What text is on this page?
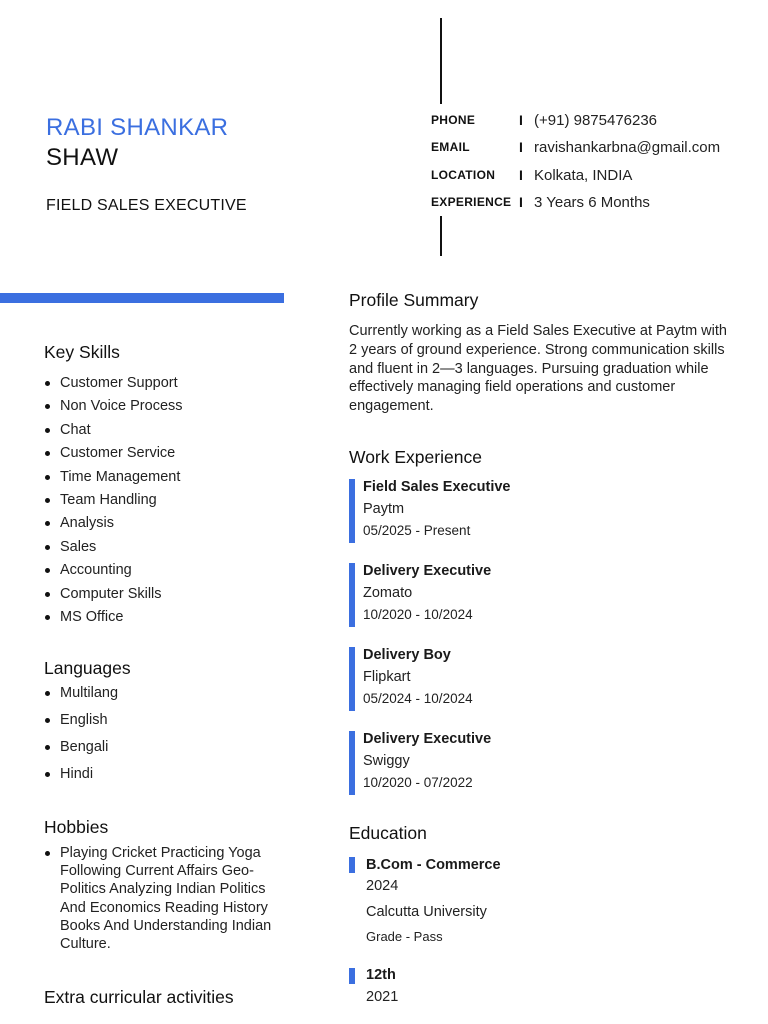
RABI SHANKAR
SHAW
FIELD SALES EXECUTIVE
PHONE	I (+91) 9875476236
EMAIL	I ravishankarbna@gmail.com
LOCATION	I Kolkata, INDIA
EXPERIENCE I 3 Years 6 Months
Key Skills
Customer Support
Non Voice Process
Chat
Customer Service
Time Management
Team Handling
Analysis
Sales
Accounting
Computer Skills
MS Office
Languages
Multilang
English
Bengali
Hindi
Hobbies
Playing Cricket Practicing Yoga Following Current Affairs Geo-Politics Analyzing Indian Politics And Economics Reading History Books And Understanding Indian Culture.
Extra curricular activities
Profile Summary
Currently working as a Field Sales Executive at Paytm with 2 years of ground experience. Strong communication skills and fluent in 2—3 languages. Pursuing graduation while effectively managing field operations and customer engagement.
Work Experience
Field Sales Executive
Paytm
05/2025 - Present
Delivery Executive
Zomato
10/2020 - 10/2024
Delivery Boy
Flipkart
05/2024 - 10/2024
Delivery Executive
Swiggy
10/2020 - 07/2022
Education
B.Com - Commerce
2024
Calcutta University
Grade - Pass
12th
2021
